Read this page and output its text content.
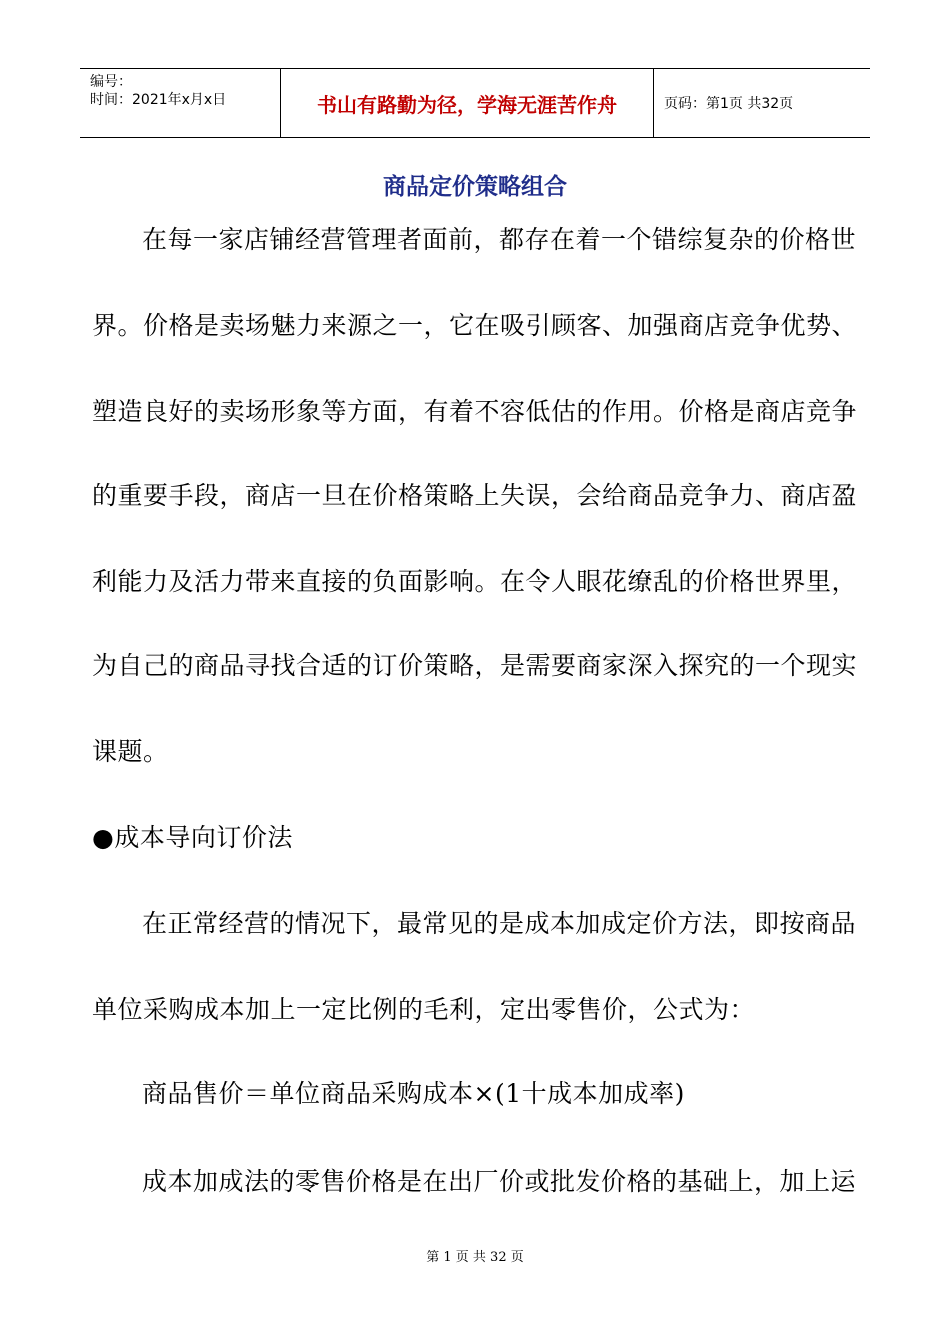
编号：
时间：2021年x月x日	书山有路勤为径，学海无涯苦作舟	页码：第1页 共32页
商品定价策略组合
在每一家店铺经营管理者面前，都存在着一个错综复杂的价格世
界。价格是卖场魅力来源之一，它在吸引顾客、加强商店竞争优势、
塑造良好的卖场形象等方面，有着不容低估的作用。价格是商店竞争
的重要手段，商店一旦在价格策略上失误，会给商品竞争力、商店盈
利能力及活力带来直接的负面影响。在令人眼花缭乱的价格世界里，
为自己的商品寻找合适的订价策略，是需要商家深入探究的一个现实
课题。
●成本导向订价法
在正常经营的情况下，最常见的是成本加成定价方法，即按商品
单位采购成本加上一定比例的毛利，定出零售价，公式为：
商品售价＝单位商品采购成本×(1十成本加成率)
成本加成法的零售价格是在出厂价或批发价格的基础上，加上运
第 1 页 共 32 页
